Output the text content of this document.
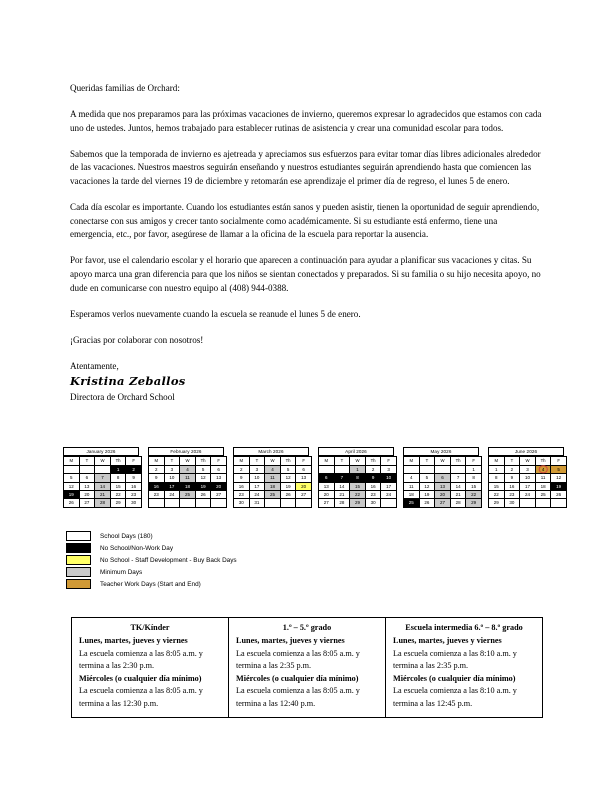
Queridas familias de Orchard:

A medida que nos preparamos para las próximas vacaciones de invierno, queremos expresar lo agradecidos que estamos con cada uno de ustedes. Juntos, hemos trabajado para establecer rutinas de asistencia y crear una comunidad escolar para todos.

Sabemos que la temporada de invierno es ajetreada y apreciamos sus esfuerzos para evitar tomar días libres adicionales alrededor de las vacaciones. Nuestros maestros seguirán enseñando y nuestros estudiantes seguirán aprendiendo hasta que comiencen las vacaciones la tarde del viernes 19 de diciembre y retomarán ese aprendizaje el primer día de regreso, el lunes 5 de enero.

Cada día escolar es importante. Cuando los estudiantes están sanos y pueden asistir, tienen la oportunidad de seguir aprendiendo, conectarse con sus amigos y crecer tanto socialmente como académicamente. Si su estudiante está enfermo, tiene una emergencia, etc., por favor, asegúrese de llamar a la oficina de la escuela para reportar la ausencia.

Por favor, use el calendario escolar y el horario que aparecen a continuación para ayudar a planificar sus vacaciones y citas. Su apoyo marca una gran diferencia para que los niños se sientan conectados y preparados. Si su familia o su hijo necesita apoyo, no dude en comunicarse con nuestro equipo al (408) 944-0388.

Esperamos verlos nuevamente cuando la escuela se reanude el lunes 5 de enero.

¡Gracias por colaborar con nosotros!

Atentamente,

Kristina Zeballos
Directora de Orchard School
January 2026
M	T	W	Th	F
			1	2
5	6	7	8	9
12	13	14	15	16
19	20	21	22	23
26	27	28	29	30
February 2026
M	T	W	Th	F
2	3	4	5	6
9	10	11	12	13
16	17	18	19	20
23	24	25	26	27

March 2026
M	T	W	Th	F
2	3	4	5	6
9	10	11	12	13
16	17	18	19	20
23	24	25	26	27
30	31			
April 2026
M	T	W	Th	F
		1	2	3
6	7	8	9	10
13	14	15	16	17
20	21	22	23	24
27	28	29	30	
May 2026
M	T	W	Th	F
				1
4	5	6	7	8
11	12	13	14	15
18	19	20	21	22
25	26	27	28	29
June 2026
M	T	W	Th	F
1	2	3	4	5
8	9	10	11	12
15	16	17	18	19
22	23	24	25	26
29	30			
School Days (180)
No School/Non-Work Day
No School - Staff Development - Buy Back Days
Minimum Days
Teacher Work Days (Start and End)
TK/Kínder
Lunes, martes, jueves y viernes
La escuela comienza a las 8:05 a.m. y
termina a las 2:30 p.m.
Miércoles (o cualquier día mínimo)
La escuela comienza a las 8:05 a.m. y
termina a las 12:30 p.m.

1.º – 5.º grado
Lunes, martes, jueves y viernes
La escuela comienza a las 8:05 a.m. y
termina a las 2:35 p.m.
Miércoles (o cualquier día mínimo)
La escuela comienza a las 8:05 a.m. y
termina a las 12:40 p.m.

Escuela intermedia 6.º – 8.º grado
Lunes, martes, jueves y viernes
La escuela comienza a las 8:10 a.m. y
termina a las 2:35 p.m.
Miércoles (o cualquier día mínimo)
La escuela comienza a las 8:10 a.m. y
termina a las 12:45 p.m.
